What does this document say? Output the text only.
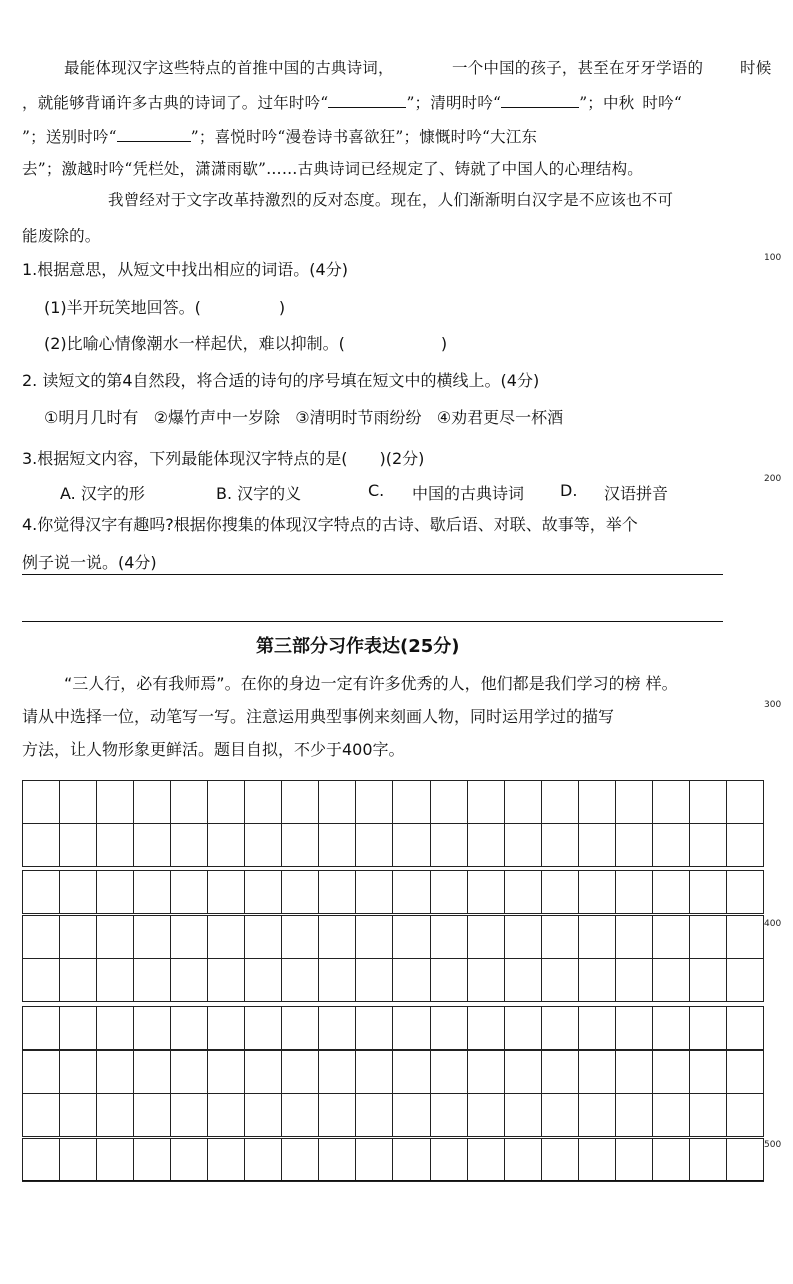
最能体现汉字这些特点的首推中国的古典诗词，	一个中国的孩子，甚至在牙牙学语的 时候
，就能够背诵许多古典的诗词了。过年时吟“	”；清明时吟“	”；中秋 时吟“
”；送别时吟“	”；喜悦时吟“漫卷诗书喜欲狂”；慷慨时吟“大江东
去”；激越时吟“凭栏处，潇潇雨歇”……古典诗词已经规定了、铸就了中国人的心理结构。
我曾经对于文字改革持激烈的反对态度。现在，人们渐渐明白汉字是不应该也不可
能废除的。
1.根据意思，从短文中找出相应的词语。(4分)
(1)半开玩笑地回答。(	)
(2)比喻心情像潮水一样起伏，难以抑制。(	)
2. 读短文的第4自然段，将合适的诗句的序号填在短文中的横线上。(4分)
①明月几时有   ②爆竹声中一岁除   ③清明时节雨纷纷   ④劝君更尽一杯酒
3.根据短文内容，下列最能体现汉字特点的是(　　)(2分)
A. 汉字的形	B. 汉字的义	C. 中国的古典诗词 D. 汉语拼音
4.你觉得汉字有趣吗?根据你搜集的体现汉字特点的古诗、歇后语、对联、故事等，举个
例子说一说。(4分)
第三部分习作表达(25分)
“三人行，必有我师焉”。在你的身边一定有许多优秀的人，他们都是我们学习的榜 样。
请从中选择一位，动笔写一写。注意运用典型事例来刻画人物，同时运用学过的描写
方法，让人物形象更鲜活。题目自拟，不少于400字。
100
200
300
400
500
